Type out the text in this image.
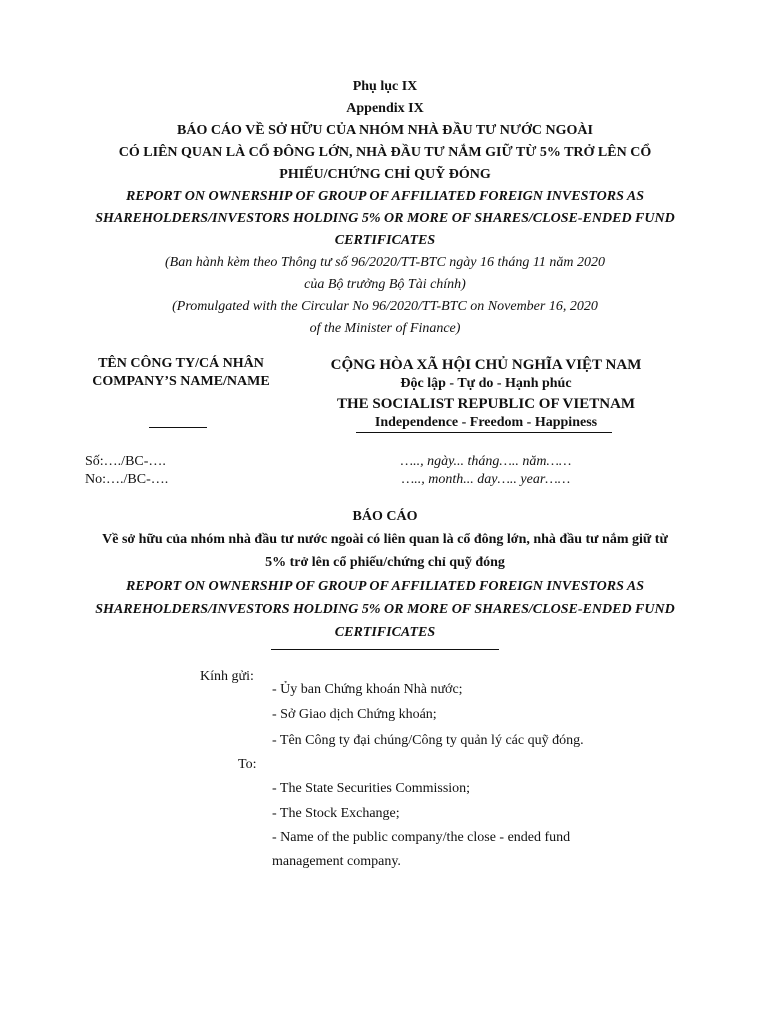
Phụ lục IX
Appendix IX
BÁO CÁO VỀ SỞ HỮU CỦA NHÓM NHÀ ĐẦU TƯ NƯỚC NGOÀI
CÓ LIÊN QUAN LÀ CỔ ĐÔNG LỚN, NHÀ ĐẦU TƯ NẮM GIỮ TỪ 5% TRỞ LÊN CỔ
PHIẾU/CHỨNG CHỈ QUỸ ĐÓNG
REPORT ON OWNERSHIP OF GROUP OF AFFILIATED FOREIGN INVESTORS AS
SHAREHOLDERS/INVESTORS HOLDING 5% OR MORE OF SHARES/CLOSE-ENDED FUND
CERTIFICATES
(Ban hành kèm theo Thông tư số 96/2020/TT-BTC ngày 16 tháng 11 năm 2020
của Bộ trưởng Bộ Tài chính)
(Promulgated with the Circular No 96/2020/TT-BTC on November 16, 2020
of the Minister of Finance)
TÊN CÔNG TY/CÁ NHÂN
COMPANY’S NAME/NAME
CỘNG HÒA XÃ HỘI CHỦ NGHĨA VIỆT NAM
Độc lập - Tự do - Hạnh phúc
THE SOCIALIST REPUBLIC OF VIETNAM
Independence - Freedom - Happiness
Số:…./BC-….
No:…./BC-….
….., ngày... tháng….. năm……
….., month... day….. year……
BÁO CÁO
Về sở hữu của nhóm nhà đầu tư nước ngoài có liên quan là cổ đông lớn, nhà đầu tư nắm giữ từ
5% trở lên cổ phiếu/chứng chỉ quỹ đóng
REPORT ON OWNERSHIP OF GROUP OF AFFILIATED FOREIGN INVESTORS AS
SHAREHOLDERS/INVESTORS HOLDING 5% OR MORE OF SHARES/CLOSE-ENDED FUND
CERTIFICATES
Kính gửi:
- Ủy ban Chứng khoán Nhà nước;
- Sở Giao dịch Chứng khoán;
- Tên Công ty đại chúng/Công ty quản lý các quỹ đóng.
To:
- The State Securities Commission;
- The Stock Exchange;
- Name of the public company/the close - ended fund
management company.
